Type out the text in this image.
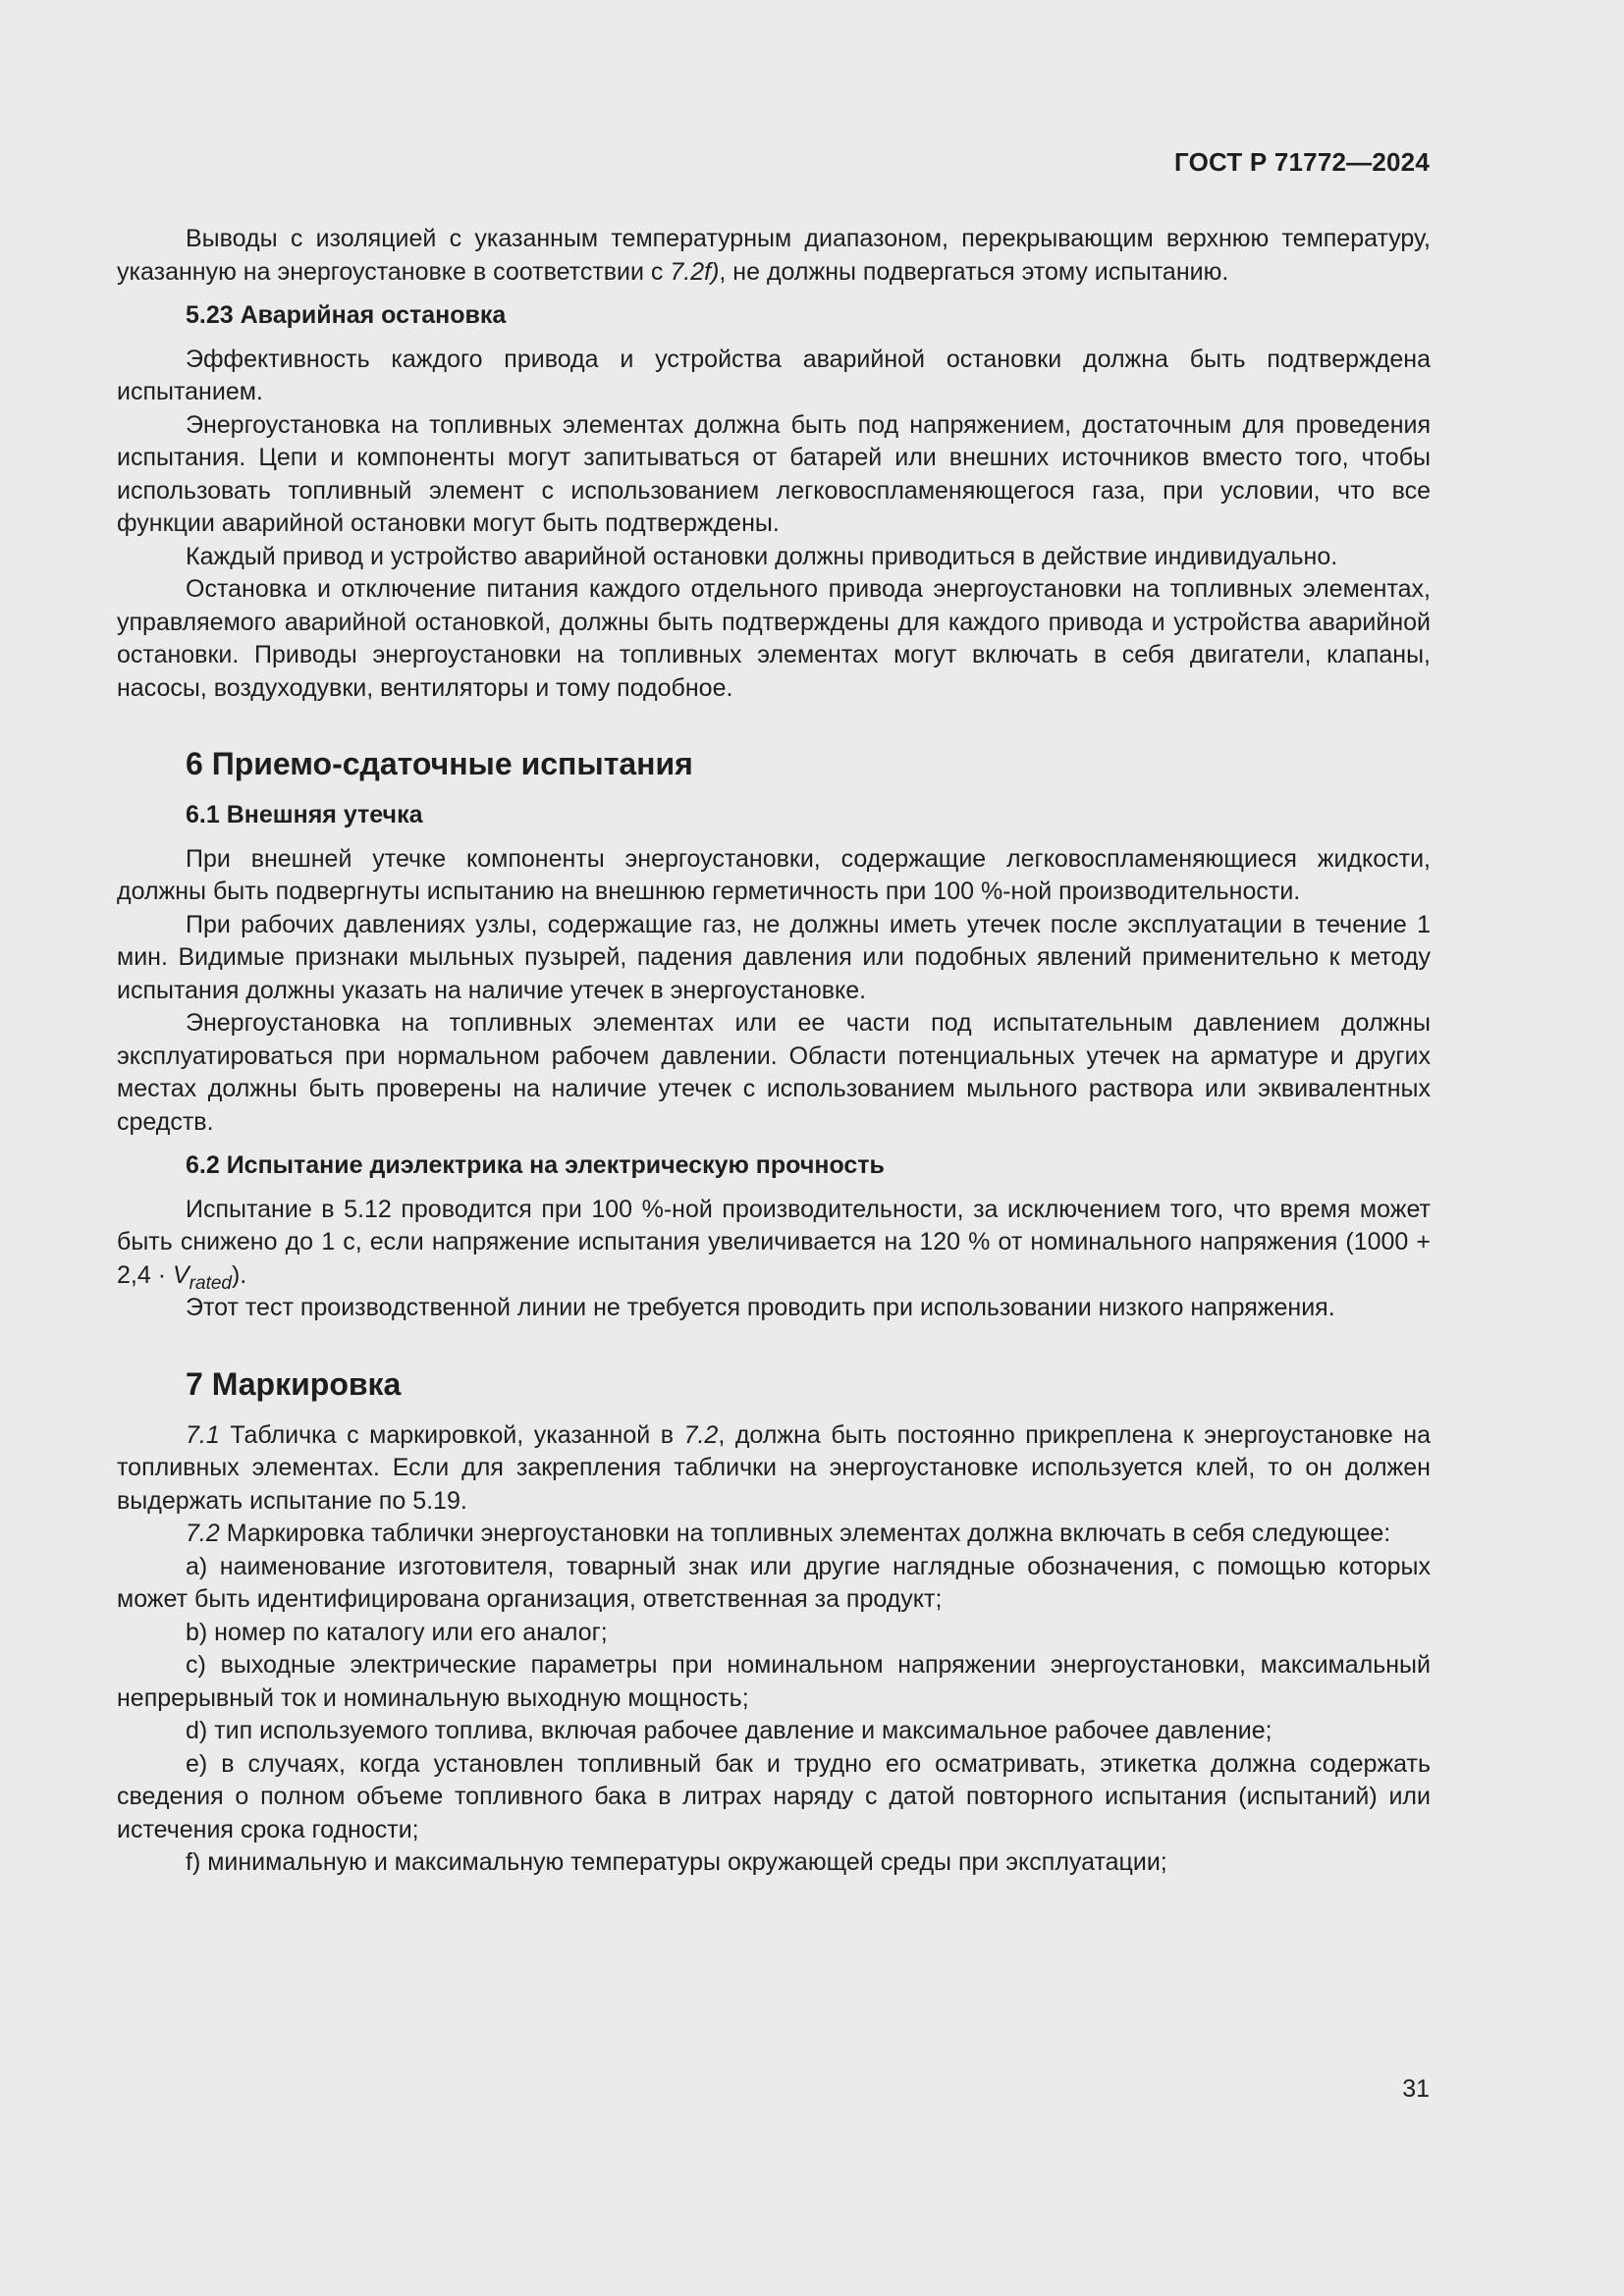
ГОСТ Р 71772—2024

Выводы с изоляцией с указанным температурным диапазоном, перекрывающим верхнюю температуру, указанную на энергоустановке в соответствии с 7.2f), не должны подвергаться этому испытанию.

5.23 Аварийная остановка

Эффективность каждого привода и устройства аварийной остановки должна быть подтверждена испытанием.

Энергоустановка на топливных элементах должна быть под напряжением, достаточным для проведения испытания. Цепи и компоненты могут запитываться от батарей или внешних источников вместо того, чтобы использовать топливный элемент с использованием легковоспламеняющегося газа, при условии, что все функции аварийной остановки могут быть подтверждены.

Каждый привод и устройство аварийной остановки должны приводиться в действие индивидуально.

Остановка и отключение питания каждого отдельного привода энергоустановки на топливных элементах, управляемого аварийной остановкой, должны быть подтверждены для каждого привода и устройства аварийной остановки. Приводы энергоустановки на топливных элементах могут включать в себя двигатели, клапаны, насосы, воздуходувки, вентиляторы и тому подобное.

6 Приемо-сдаточные испытания
6.1 Внешняя утечка

При внешней утечке компоненты энергоустановки, содержащие легковоспламеняющиеся жидкости, должны быть подвергнуты испытанию на внешнюю герметичность при 100 %-ной производительности.

При рабочих давлениях узлы, содержащие газ, не должны иметь утечек после эксплуатации в течение 1 мин. Видимые признаки мыльных пузырей, падения давления или подобных явлений применительно к методу испытания должны указать на наличие утечек в энергоустановке.

Энергоустановка на топливных элементах или ее части под испытательным давлением должны эксплуатироваться при нормальном рабочем давлении. Области потенциальных утечек на арматуре и других местах должны быть проверены на наличие утечек с использованием мыльного раствора или эквивалентных средств.

6.2 Испытание диэлектрика на электрическую прочность

Испытание в 5.12 проводится при 100 %-ной производительности, за исключением того, что время может быть снижено до 1 с, если напряжение испытания увеличивается на 120 % от номинального напряжения $(1000 + 2,4 \cdot V_{rated})$.

Этот тест производственной линии не требуется проводить при использовании низкого напряжения.

7 Маркировка

7.1 Табличка с маркировкой, указанной в 7.2, должна быть постоянно прикреплена к энергоустановке на топливных элементах. Если для закрепления таблички на энергоустановке используется клей, то он должен выдержать испытание по 5.19.

7.2 Маркировка таблички энергоустановки на топливных элементах должна включать в себя следующее:

a) наименование изготовителя, товарный знак или другие наглядные обозначения, с помощью которых может быть идентифицирована организация, ответственная за продукт;

b) номер по каталогу или его аналог;

c) выходные электрические параметры при номинальном напряжении энергоустановки, максимальный непрерывный ток и номинальную выходную мощность;

d) тип используемого топлива, включая рабочее давление и максимальное рабочее давление;

e) в случаях, когда установлен топливный бак и трудно его осматривать, этикетка должна содержать сведения о полном объеме топливного бака в литрах наряду с датой повторного испытания (испытаний) или истечения срока годности;

f) минимальную и максимальную температуры окружающей среды при эксплуатации;

31
